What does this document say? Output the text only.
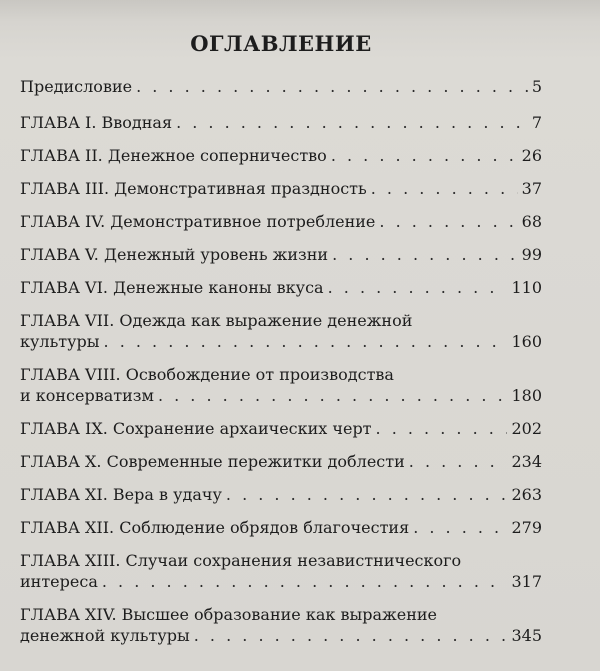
ОГЛАВЛЕНИЕ
Предисловие . . .	5
ГЛАВА I. Вводная . . .	7
ГЛАВА II. Денежное соперничество . . .	26
ГЛАВА III. Демонстративная праздность . . .	37
ГЛАВА IV. Демонстративное потребление . . .	68
ГЛАВА V. Денежный уровень жизни . . .	99
ГЛАВА VI. Денежные каноны вкуса . . .	110
ГЛАВА VII. Одежда как выражение денежной
культуры . . .	160
ГЛАВА VIII. Освобождение от производства
и консерватизм . . .	180
ГЛАВА IX. Сохранение архаических черт . . .	202
ГЛАВА X. Современные пережитки доблести . . .	234
ГЛАВА XI. Вера в удачу . . .	263
ГЛАВА XII. Соблюдение обрядов благочестия . . .	279
ГЛАВА XIII. Случаи сохранения независтнического
интереса . . .	317
ГЛАВА XIV. Высшее образование как выражение
денежной культуры . . .	345
